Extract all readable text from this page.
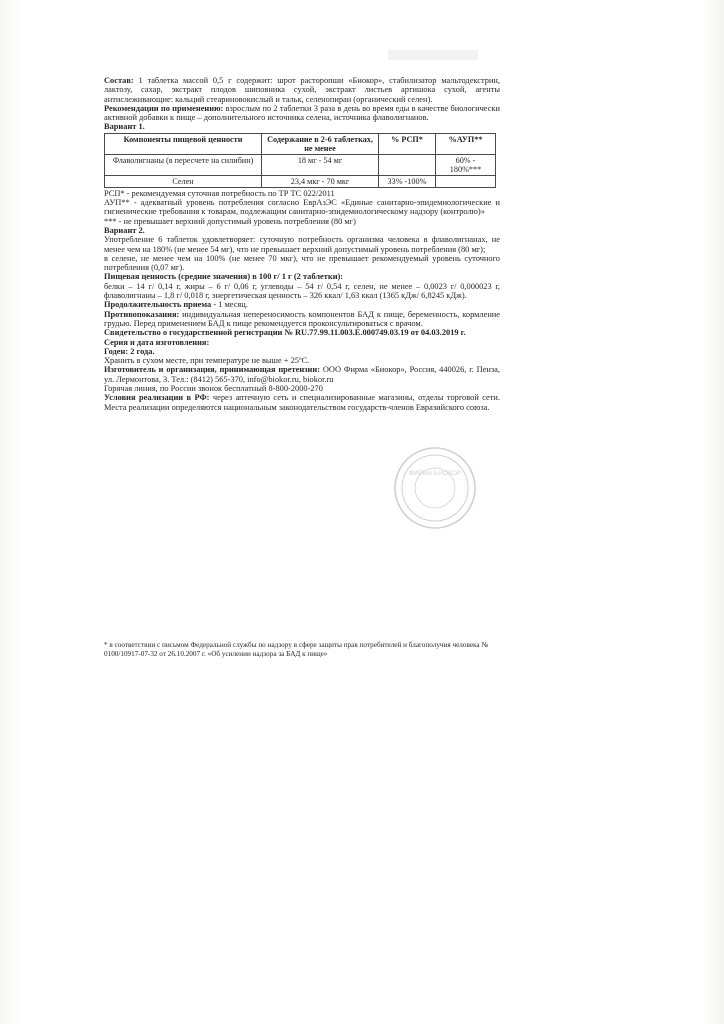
Состав: 1 таблетка массой 0,5 г содержит: шрот расторопши «Биокор», стабилизатор мальтодекстрин, лактозу, сахар, экстракт плодов шиповника сухой, экстракт листьев артишока сухой, агенты антислеживающие: кальций стеариновокислый и тальк, селенопиран (органический селен).

Рекомендации по применению: взрослым по 2 таблетки 3 раза в день во время еды в качестве биологически активной добавки к пище – дополнительного источника селена, источника флаволигнанов.

Вариант 1.

Компоненты пищевой ценности	Содержание в 2-6 таблетках, не менее	% РСП*	%АУП**
Флаволигнаны (в пересчете на силибин)	18 мг - 54 мг		60% - 180%***
Селен	23,4 мкг - 70 мкг	33% -100%	

РСП* - рекомендуемая суточная потребность по ТР ТС 022/2011

АУП** - адекватный уровень потребления согласно ЕврАзЭС «Единые санитарно-эпидемиологические и гигиенические требования к товарам, подлежащим санитарно-эпидемиологическому надзору (контролю)»

*** - не превышает верхний допустимый уровень потребления (80 мг)

Вариант 2.

Употребление 6 таблеток удовлетворяет: суточную потребность организма человека в флаволигнанах, не менее чем на 180% (не менее 54 мг), что не превышает верхний допустимый уровень потребления (80 мг);

в селене, не менее чем на 100% (не менее 70 мкг), что не превышает рекомендуемый уровень суточного потребления (0,07 мг).

Пищевая ценность (средние значения) в 100 г/ 1 г (2 таблетки):

белки – 14 г/ 0,14 г, жиры – 6 г/ 0,06 г, углеводы – 54 г/ 0,54 г, селен, не менее – 0,0023 г/ 0,000023 г, флаволигнаны – 1,8 г/ 0,018 г, энергетическая ценность – 326 ккал/ 1,63 ккал (1365 кДж/ 6,8245 кДж).

Продолжительность приема - 1 месяц.

Противопоказания: индивидуальная непереносимость компонентов БАД к пище, беременность, кормление грудью. Перед применением БАД к пище рекомендуется проконсультироваться с врачом.

Свидетельство о государственной регистрации № RU.77.99.11.003.Е.000749.03.19 от 04.03.2019 г.

Серия и дата изготовления:

Годен: 2 года.

Хранить в сухом месте, при температуре не выше + 25ºС.

Изготовитель и организация, принимающая претензии: ООО Фирма «Биокор», Россия, 440026, г. Пенза, ул. Лермонтова, 3. Тел.: (8412) 565-370, info@biokor.ru, biokor.ru

Горячая линия, по России звонок бесплатный 8-800-2000-270

Условия реализации в РФ: через аптечную сеть и специализированные магазины, отделы торговой сети. Места реализации определяются национальным законодательством государств-членов Евразийского союза.

ФИРМА БИОКОР

* в соответствии с письмом Федеральной службы по надзору в сфере защиты прав потребителей и благополучия человека № 0100/10917-07-32 от 26.10.2007 г. «Об усилении надзора за БАД к пище»
